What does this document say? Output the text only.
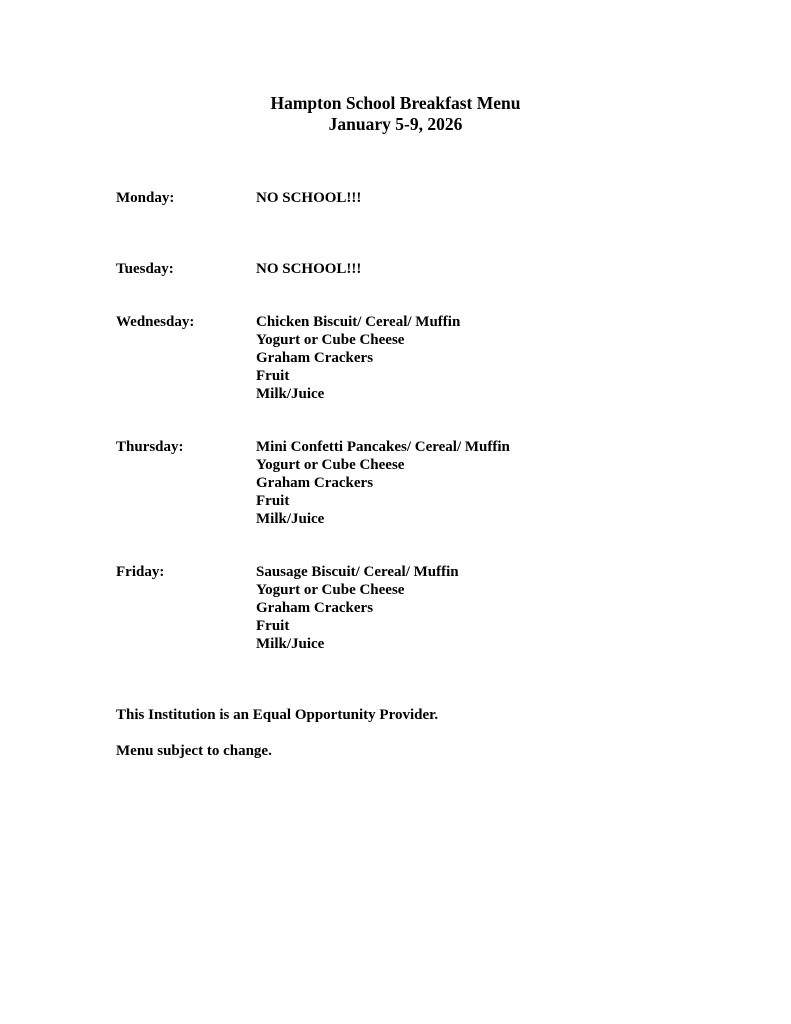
Hampton School Breakfast Menu
January 5-9, 2026
Monday:	NO SCHOOL!!!
Tuesday:	NO SCHOOL!!!
Wednesday:	Chicken Biscuit/ Cereal/ Muffin
Yogurt or Cube Cheese
Graham Crackers
Fruit
Milk/Juice
Thursday:	Mini Confetti Pancakes/ Cereal/ Muffin
Yogurt or Cube Cheese
Graham Crackers
Fruit
Milk/Juice
Friday:	Sausage Biscuit/ Cereal/ Muffin
Yogurt or Cube Cheese
Graham Crackers
Fruit
Milk/Juice
This Institution is an Equal Opportunity Provider.
Menu subject to change.
